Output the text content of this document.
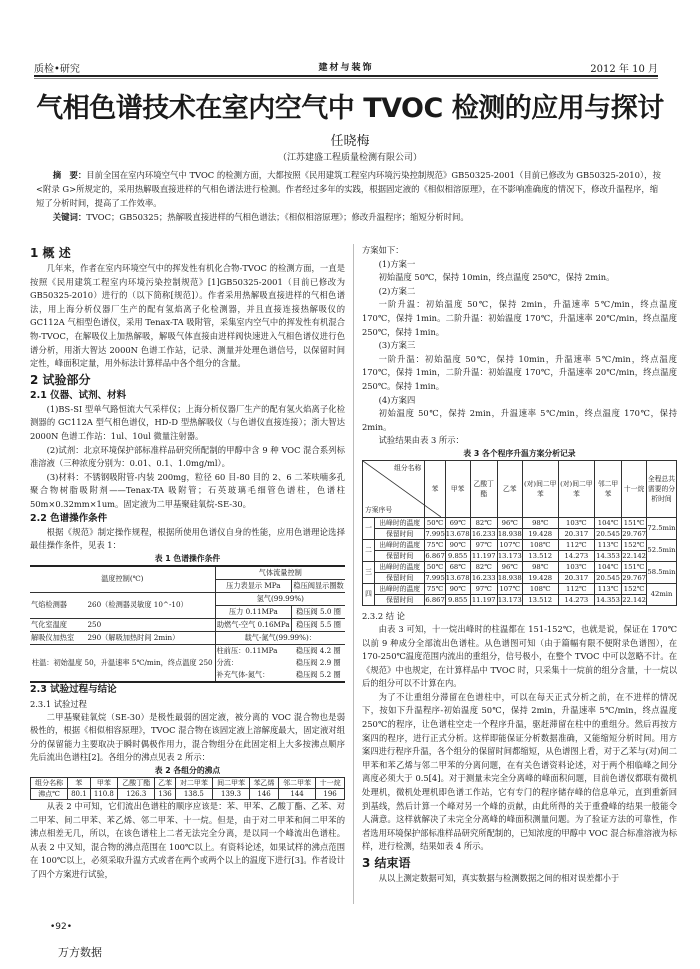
质检•研究	建材与装饰	2012 年 10 月
气相色谱技术在室内空气中 TVOC 检测的应用与探讨
任晓梅
（江苏建盛工程质量检测有限公司）

摘　要：目前全国在室内环境空气中 TVOC 的检测方面，大都按照《民用建筑工程室内环境污染控制规范》GB50325-2001（目前已修改为 GB50325-2010），按<附录 G>所规定的，采用热解吸直接进样的气相色谱法进行检测。作者经过多年的实践，根据固定液的《相似相溶原理》，在不影响准确度的情况下，修改升温程序，缩短了分析时间，提高了工作效率。

关键词：TVOC；GB50325；热解吸直接进样的气相色谱法；《相似相溶原理》；修改升温程序；缩短分析时间。

1 概 述
几年来，作者在室内环境空气中的挥发性有机化合物-TVOC 的检测方面，一直是按照《民用建筑工程室内环境污染控制规范》[1]GB50325-2001（目前已修改为 GB50325-2010）进行的（以下简称[规范]）。作者采用热解吸直接进样的气相色谱法，用上海分析仪器厂生产的配有氢焰离子化检测器，并且直接连接热解吸仪的 GC112A 气相型色谱仪，采用 Tenax-TA 吸附管，采集室内空气中的挥发性有机混合物-TVOC，在解吸仪上加热解吸，解吸气体直接由进样阀快速进入气相色谱仪进行色谱分析，用浙大智达 2000N 色谱工作站，记录、测量并处理色谱信号，以保留时间定性，峰面积定量，用外标法计算样品中各个组分的含量。
2 试验部分
2.1 仪器、试剂、材料
(1)BS-SI 型单气路恒流大气采样仪；上海分析仪器厂生产的配有氢火焰离子化检测器的 GC112A 型气相色谱仪，HD-D 型热解吸仪（与色谱仪直接连接）；浙大智达 2000N 色谱工作站：1ul、10ul 微量注射器。
(2)试剂：北京环境保护部标准样品研究所配制的甲醇中含 9 种 VOC 混合系列标准溶液（三种浓度分别为：0.01、0.1、1.0mg/ml）。
(3)材料：不锈钢吸附管-内装 200mg，粒径 60 目-80 目的 2、6 二苯呋喃多孔聚合物树脂吸附剂——Tenax-TA 吸附管；石英玻璃毛细管色谱柱，色谱柱 50m×0.32mm×1um。固定液为二甲基聚硅氧烷-SE-30。
2.2 色谱操作条件
根据《规范》制定操作规程，根据所使用色谱仪自身的性能，应用色谱理论选择最佳操作条件，见表 1：
表 1 色谱操作条件
温度控制(℃)		气体流量控制	
		压力表显示 MPa	稳压阀显示圈数
气焰检测器	260（检测器灵敏度 10^-10）	氢气(99.99%)	
		压力 0.11MPa	稳压阀 5.0 圈
气化室温度	250	助燃气-空气 0.16MPa	稳压阀 5.5 圈
解吸仪加热室	290（解吸加热时间 2min）	载气-氮气(99.99%)：	
柱温：初始温度 50，升温速率 5℃/min，终点温度 250		柱前压：0.11MPa	稳压阀 4.2 圈
		分流：	稳压阀 2.9 圈
		补充气体-氮气：	稳压阀 5.2 圈
2.3 试验过程与结论
2.3.1 试验过程
二甲基聚硅氧烷（SE-30）是极性最弱的固定液，被分离的 VOC 混合物也是弱极性的，根据《相似相容原理》，TVOC 混合物在该固定液上溶解度最大，固定液对组分的保留能力主要取决于瞬时偶极作用力，混合物组分在此固定相上大多按沸点顺序先后流出色谱柱[2]。各组分的沸点见表 2 所示：
表 2 各组分的沸点
组分名称	苯	甲苯	乙酸丁酯	乙苯	对二甲苯	间二甲苯	苯乙烯	邻二甲苯	十一烷
沸点℃	80.1	110.8	126.3	136	138.5	139.3	146	144	196
从表 2 中可知，它们流出色谱柱的顺序应该是：苯、甲苯、乙酸丁酯、乙苯、对二甲苯、间二甲苯、苯乙烯、邻二甲苯、十一烷。但是，由于对二甲苯和间二甲苯的沸点相差无几，所以，在该色谱柱上二者无法完全分离，是以同一个峰流出色谱柱。从表 2 中又知，混合物的沸点范围在 100℃以上。有资料论述，如果试样的沸点范围在 100℃以上，必须采取升温方式或者在两个或两个以上的温度下进行[3]。作者设计了四个方案进行试验，
方案如下：
(1)方案一
初始温度 50℃，保持 10min，终点温度 250℃，保持 2min。
(2)方案二
一阶升温：初始温度 50℃，保持 2min，升温速率 5℃/min，终点温度 170℃，保持 1min。二阶升温：初始温度 170℃，升温速率 20℃/min，终点温度 250℃，保持 1min。
(3)方案三
一阶升温：初始温度 50℃，保持 10min，升温速率 5℃/min，终点温度 170℃，保持 1min，二阶升温：初始温度 170℃，升温速率 20℃/min，终点温度 250℃。保持 1min。
(4)方案四
初始温度 50℃，保持 2min，升温速率 5℃/min，终点温度 170℃，保持 2min。
试验结果由表 3 所示：
表 3 各个程序升温方案分析记录
组分名称
方案序号		苯	甲苯	乙酸丁酯	乙苯	(对)间二甲苯	(对)间二甲苯	邻二甲苯	十一烷	全程总共需要的分析时间
一	出峰时的温度	50℃	69℃	82℃	96℃	98℃	103℃	104℃	151℃	72.5min
	保留时间	7.995	13.678	16.233	18.938	19.428	20.317	20.545	29.767	
二	出峰时的温度	75℃	90℃	97℃	107℃	108℃	112℃	113℃	152℃	52.5min
	保留时间	6.867	9.855	11.197	13.173	13.512	14.273	14.353	22.142	
三	出峰时的温度	50℃	68℃	82℃	96℃	98℃	103℃	104℃	151℃	58.5min
	保留时间	7.995	13.678	16.233	18.938	19.428	20.317	20.545	29.767	
四	出峰时的温度	75℃	90℃	97℃	107℃	108℃	112℃	113℃	152℃	42min
	保留时间	6.867	9.855	11.197	13.173	13.512	14.273	14.353	22.142	
2.3.2 结 论
由表 3 可知，十一烷出峰时的柱温都在 151-152℃，也就是说，保证在 170℃以前 9 种成分全部流出色谱柱。从色谱图可知（由于篇幅有限不便附录色谱图），在 170-250℃温度范围内流出的重组分，信号极小，在整个 TVOC 中可以忽略不计。在《规范》中也规定，在计算样品中 TVOC 时，只采集十一烷前的组分含量，十一烷以后的组分可以不计算在内。
为了不让重组分滞留在色谱柱中，可以在每天正式分析之前，在不进样的情况下，按如下升温程序-初始温度 50℃，保持 2min，升温速率 5℃/min，终点温度 250℃的程序，让色谱柱空走一个程序升温，驱赶滞留在柱中的重组分。然后再按方案四的程序，进行正式分析。这样即能保证分析数据准确，又能缩短分析时间。用方案四进行程序升温，各个组分的保留时间都缩短，从色谱图上看，对于乙苯与(对)间二甲苯和苯乙烯与邻二甲苯的分离问题，在有关色谱资料论述，对于两个相临峰之间分离度必须大于 0.5[4]。对于测量未完全分离峰的峰面积问题，目前色谱仪都联有微机处理机，微机处理机即色谱工作站，它有专门的程序储存峰的信息单元，直到重新回到基线，然后计算一个峰对另一个峰的贡献，由此所得的关于重叠峰的结果一般能令人满意。这样就解决了未完全分离峰的峰面积测量问题。为了验证方法的可靠性，作者选用环境保护部标准样品研究所配制的，已知浓度的甲醇中 VOC 混合标准溶液为标样，进行检测，结果如表 4 所示。
3 结束语
从以上测定数据可知，真实数据与检测数据之间的相对误差都小于
•92•
万方数据
